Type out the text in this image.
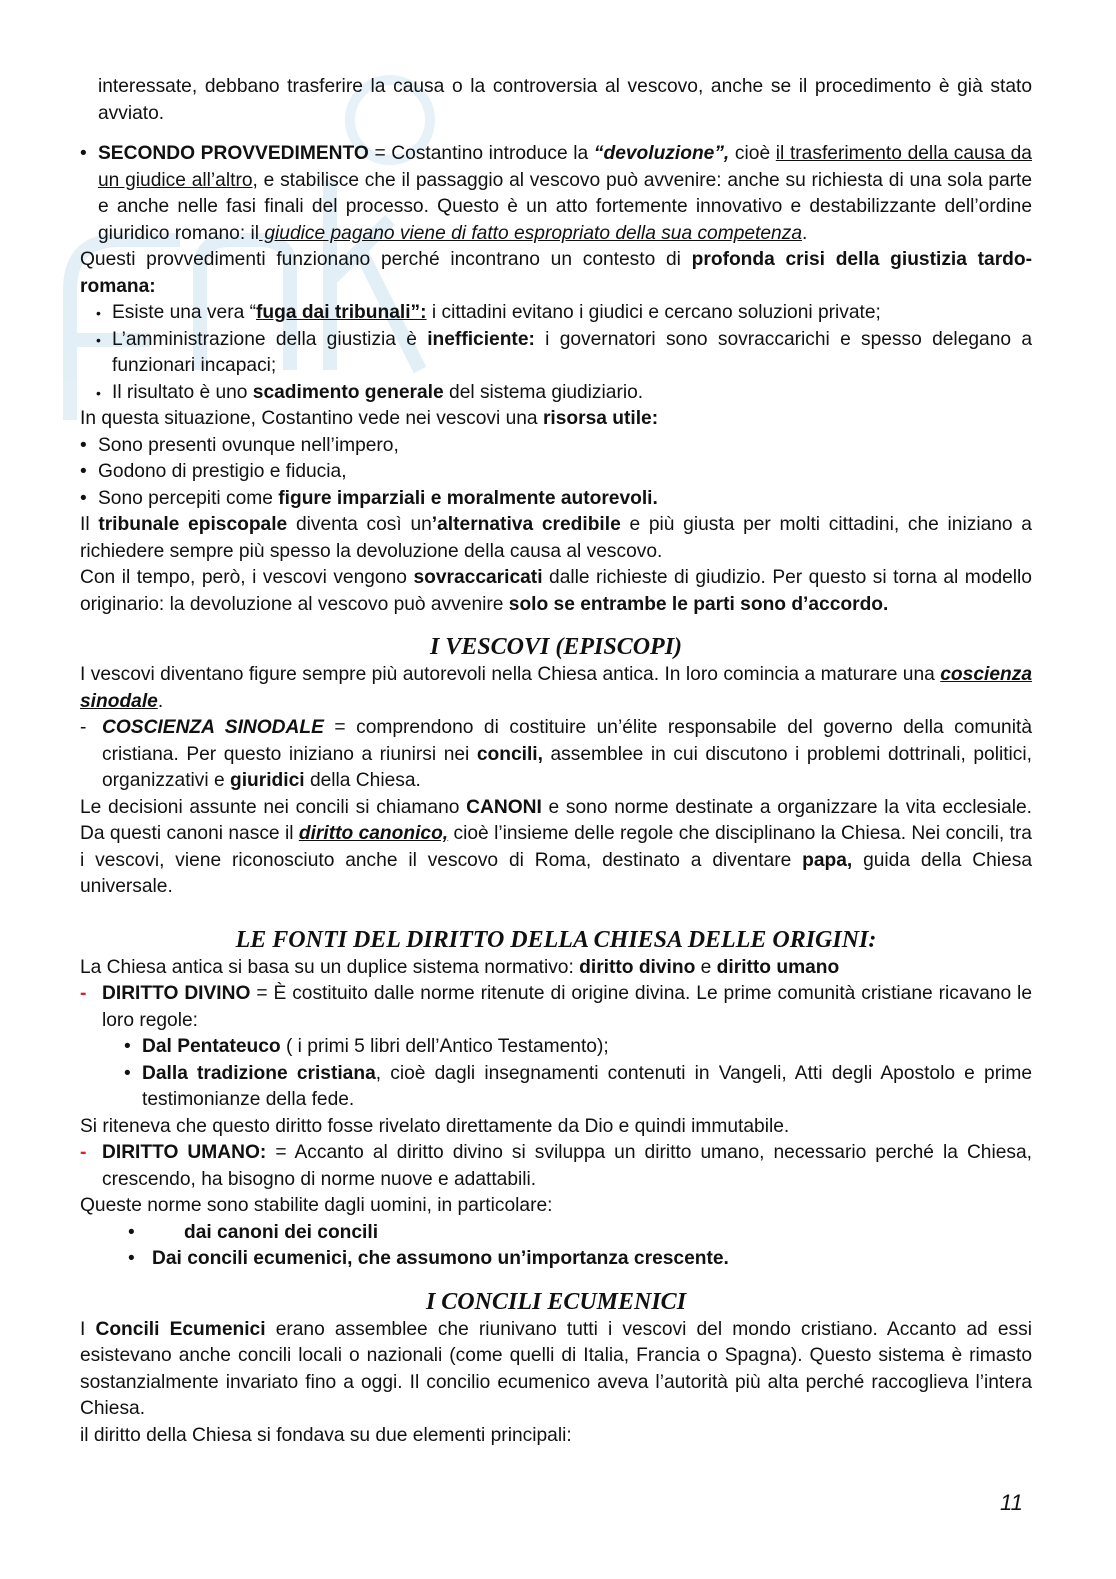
interessate, debbano trasferire la causa o la controversia al vescovo, anche se il procedimento è già stato avviato.

• SECONDO PROVVEDIMENTO = Costantino introduce la “devoluzione”, cioè il trasferimento della causa da un giudice all’altro, e stabilisce che il passaggio al vescovo può avvenire: anche su richiesta di una sola parte e anche nelle fasi finali del processo. Questo è un atto fortemente innovativo e destabilizzante dell’ordine giuridico romano: il giudice pagano viene di fatto espropriato della sua competenza.

Questi provvedimenti funzionano perché incontrano un contesto di profonda crisi della giustizia tardo-romana:

• Esiste una vera “fuga dai tribunali”: i cittadini evitano i giudici e cercano soluzioni private;

• L’amministrazione della giustizia è inefficiente: i governatori sono sovraccarichi e spesso delegano a funzionari incapaci;

• Il risultato è uno scadimento generale del sistema giudiziario.

In questa situazione, Costantino vede nei vescovi una risorsa utile:

• Sono presenti ovunque nell’impero,

• Godono di prestigio e fiducia,

• Sono percepiti come figure imparziali e moralmente autorevoli.

Il tribunale episcopale diventa così un’alternativa credibile e più giusta per molti cittadini, che iniziano a richiedere sempre più spesso la devoluzione della causa al vescovo.

Con il tempo, però, i vescovi vengono sovraccaricati dalle richieste di giudizio. Per questo si torna al modello originario: la devoluzione al vescovo può avvenire solo se entrambe le parti sono d’accordo.

I VESCOVI (EPISCOPI)

I vescovi diventano figure sempre più autorevoli nella Chiesa antica. In loro comincia a maturare una coscienza sinodale.

- COSCIENZA SINODALE = comprendono di costituire un’élite responsabile del governo della comunità cristiana. Per questo iniziano a riunirsi nei concili, assemblee in cui discutono i problemi dottrinali, politici, organizzativi e giuridici della Chiesa.

Le decisioni assunte nei concili si chiamano CANONI e sono norme destinate a organizzare la vita ecclesiale. Da questi canoni nasce il diritto canonico, cioè l’insieme delle regole che disciplinano la Chiesa. Nei concili, tra i vescovi, viene riconosciuto anche il vescovo di Roma, destinato a diventare papa, guida della Chiesa universale.

LE FONTI DEL DIRITTO DELLA CHIESA DELLE ORIGINI:

La Chiesa antica si basa su un duplice sistema normativo: diritto divino e diritto umano

- DIRITTO DIVINO = È costituito dalle norme ritenute di origine divina. Le prime comunità cristiane ricavano le loro regole:

• Dal Pentateuco ( i primi 5 libri dell’Antico Testamento);

• Dalla tradizione cristiana, cioè dagli insegnamenti contenuti in Vangeli, Atti degli Apostolo e prime testimonianze della fede.

Si riteneva che questo diritto fosse rivelato direttamente da Dio e quindi immutabile.

- DIRITTO UMANO: = Accanto al diritto divino si sviluppa un diritto umano, necessario perché la Chiesa, crescendo, ha bisogno di norme nuove e adattabili.

Queste norme sono stabilite dagli uomini, in particolare:

•	dai canoni dei concili

• Dai concili ecumenici, che assumono un’importanza crescente.

I CONCILI ECUMENICI

I Concili Ecumenici erano assemblee che riunivano tutti i vescovi del mondo cristiano. Accanto ad essi esistevano anche concili locali o nazionali (come quelli di Italia, Francia o Spagna). Questo sistema è rimasto sostanzialmente invariato fino a oggi. Il concilio ecumenico aveva l’autorità più alta perché raccoglieva l’intera Chiesa.

il diritto della Chiesa si fondava su due elementi principali:

11
